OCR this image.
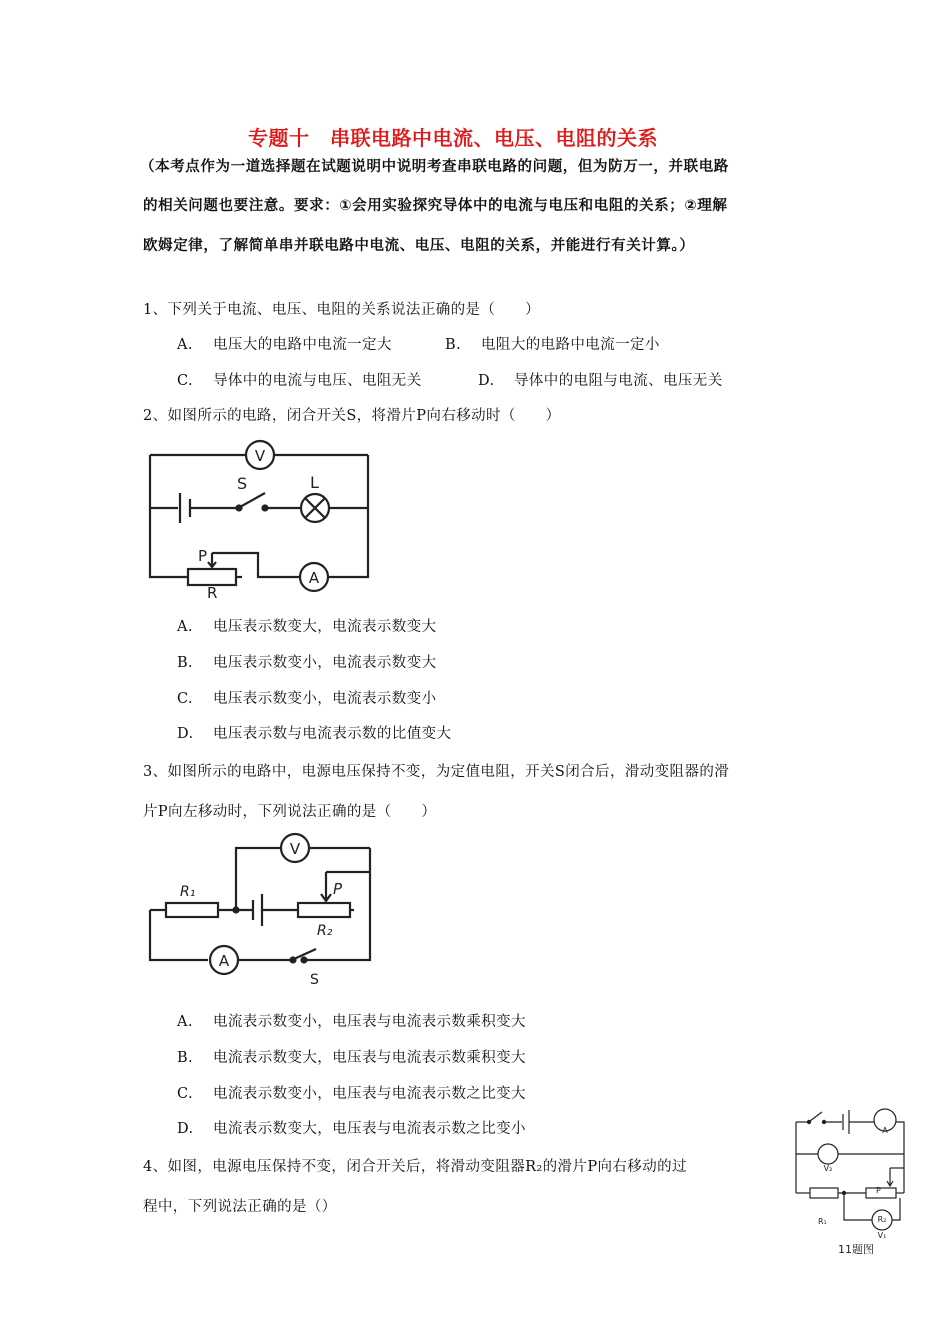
专题十　串联电路中电流、电压、电阻的关系
（本考点作为一道选择题在试题说明中说明考查串联电路的问题，但为防万一，并联电路
的相关问题也要注意。要求：①会用实验探究导体中的电流与电压和电阻的关系；②理解
欧姆定律，了解简单串并联电路中电流、电压、电阻的关系，并能进行有关计算。）
1、下列关于电流、电压、电阻的关系说法正确的是（　　）
A. 电压大的电路中电流一定大	B. 电阻大的电路中电流一定小
C. 导体中的电流与电压、电阻无关	D. 导体中的电阻与电流、电压无关
2、如图所示的电路，闭合开关S，将滑片P向右移动时（　　）
V
S	L
P
R
A
A. 电压表示数变大，电流表示数变大
B. 电压表示数变小，电流表示数变大
C. 电压表示数变小，电流表示数变小
D. 电压表示数与电流表示数的比值变大
3、如图所示的电路中，电源电压保持不变，为定值电阻，开关S闭合后，滑动变阻器的滑
片P向左移动时，下列说法正确的是（　　）
V
R₁	P
R₂
A
S
A. 电流表示数变小，电压表与电流表示数乘积变大
B. 电流表示数变大，电压表与电流表示数乘积变大
C. 电流表示数变小，电压表与电流表示数之比变大
D. 电流表示数变大，电压表与电流表示数之比变小
4、如图，电源电压保持不变，闭合开关后，将滑动变阻器R₂的滑片P向右移动的过
程中，下列说法正确的是（）
A
V₂
P
R₁	R₂
V₁
11题图
